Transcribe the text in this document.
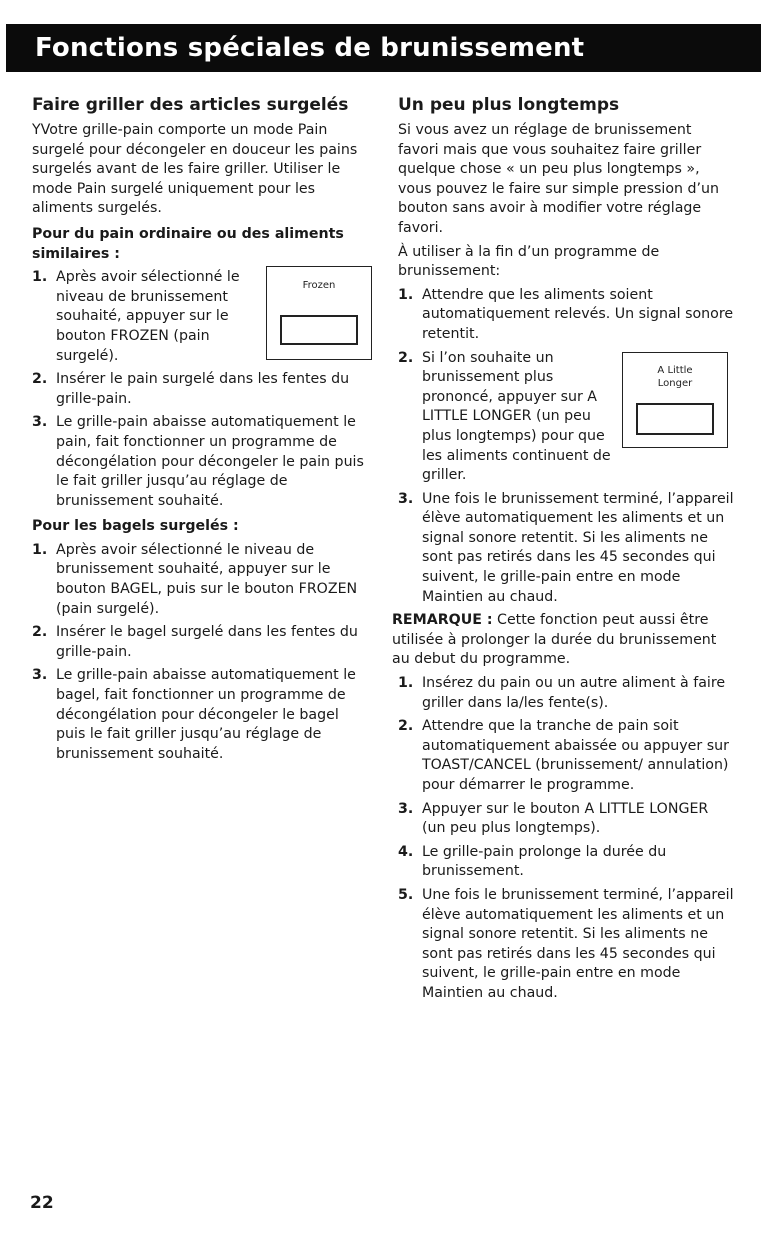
Fonctions spéciales de brunissement
Faire griller des articles surgelés

YVotre grille-pain comporte un mode Pain surgelé pour décongeler en douceur les pains surgelés avant de les faire griller. Utiliser le mode Pain surgelé uniquement pour les aliments surgelés.

Pour du pain ordinaire ou des aliments similaires :
1. Après avoir sélectionné le niveau de brunissement souhaité, appuyer sur le bouton FROZEN (pain surgelé).
2. Insérer le pain surgelé dans les fentes du grille-pain.
3. Le grille-pain abaisse automatiquement le pain, fait fonctionner un programme de décongélation pour décongeler le pain puis le fait griller jusqu’au réglage de brunissement souhaité.
Pour les bagels surgelés :
1. Après avoir sélectionné le niveau de brunissement souhaité, appuyer sur le bouton BAGEL, puis sur le bouton FROZEN (pain surgelé).
2. Insérer le bagel surgelé dans les fentes du grille-pain.
3. Le grille-pain abaisse automatiquement le bagel, fait fonctionner un programme de décongélation pour décongeler le bagel puis le fait griller jusqu’au réglage de brunissement souhaité.
Frozen
Un peu plus longtemps

Si vous avez un réglage de brunissement favori mais que vous souhaitez faire griller quelque chose « un peu plus longtemps », vous pouvez le faire sur simple pression d’un bouton sans avoir à modifier votre réglage favori.

À utiliser à la fin d’un programme de brunissement:

1. Attendre que les aliments soient automatiquement relevés. Un signal sonore retentit.
2. Si l’on souhaite un brunissement plus prononcé, appuyer sur A LITTLE LONGER (un peu plus longtemps) pour que les aliments continuent de griller.
3. Une fois le brunissement terminé, l’appareil élève automatiquement les aliments et un signal sonore retentit. Si les aliments ne sont pas retirés dans les 45 secondes qui suivent, le grille-pain entre en mode Maintien au chaud.

REMARQUE : Cette fonction peut aussi être utilisée à prolonger la durée du brunissement au debut du programme.

1. Insérez du pain ou un autre aliment à faire griller dans la/les fente(s).
2. Attendre que la tranche de pain soit automatiquement abaissée ou appuyer sur TOAST/CANCEL (brunissement/ annulation) pour démarrer le programme.
3. Appuyer sur le bouton A LITTLE LONGER (un peu plus longtemps).
4. Le grille-pain prolonge la durée du brunissement.
5. Une fois le brunissement terminé, l’appareil élève automatiquement les aliments et un signal sonore retentit. Si les aliments ne sont pas retirés dans les 45 secondes qui suivent, le grille-pain entre en mode Maintien au chaud.
A Little
Longer
22
